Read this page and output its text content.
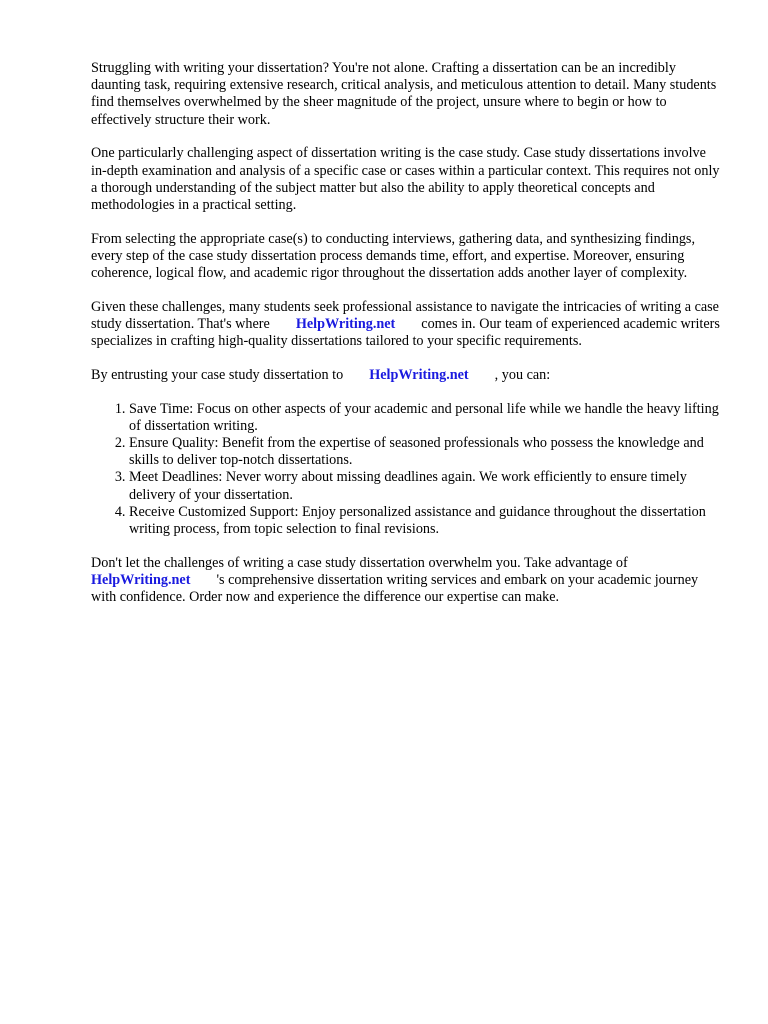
Struggling with writing your dissertation? You're not alone. Crafting a dissertation can be an incredibly daunting task, requiring extensive research, critical analysis, and meticulous attention to detail. Many students find themselves overwhelmed by the sheer magnitude of the project, unsure where to begin or how to effectively structure their work.

One particularly challenging aspect of dissertation writing is the case study. Case study dissertations involve in-depth examination and analysis of a specific case or cases within a particular context. This requires not only a thorough understanding of the subject matter but also the ability to apply theoretical concepts and methodologies in a practical setting.

From selecting the appropriate case(s) to conducting interviews, gathering data, and synthesizing findings, every step of the case study dissertation process demands time, effort, and expertise. Moreover, ensuring coherence, logical flow, and academic rigor throughout the dissertation adds another layer of complexity.

Given these challenges, many students seek professional assistance to navigate the intricacies of writing a case study dissertation. That's where HelpWriting.net comes in. Our team of experienced academic writers specializes in crafting high-quality dissertations tailored to your specific requirements.

By entrusting your case study dissertation to HelpWriting.net , you can:

1. Save Time: Focus on other aspects of your academic and personal life while we handle the heavy lifting of dissertation writing.
2. Ensure Quality: Benefit from the expertise of seasoned professionals who possess the knowledge and skills to deliver top-notch dissertations.
3. Meet Deadlines: Never worry about missing deadlines again. We work efficiently to ensure timely delivery of your dissertation.
4. Receive Customized Support: Enjoy personalized assistance and guidance throughout the dissertation writing process, from topic selection to final revisions.

Don't let the challenges of writing a case study dissertation overwhelm you. Take advantage of
HelpWriting.net 's comprehensive dissertation writing services and embark on your academic journey with confidence. Order now and experience the difference our expertise can make.
